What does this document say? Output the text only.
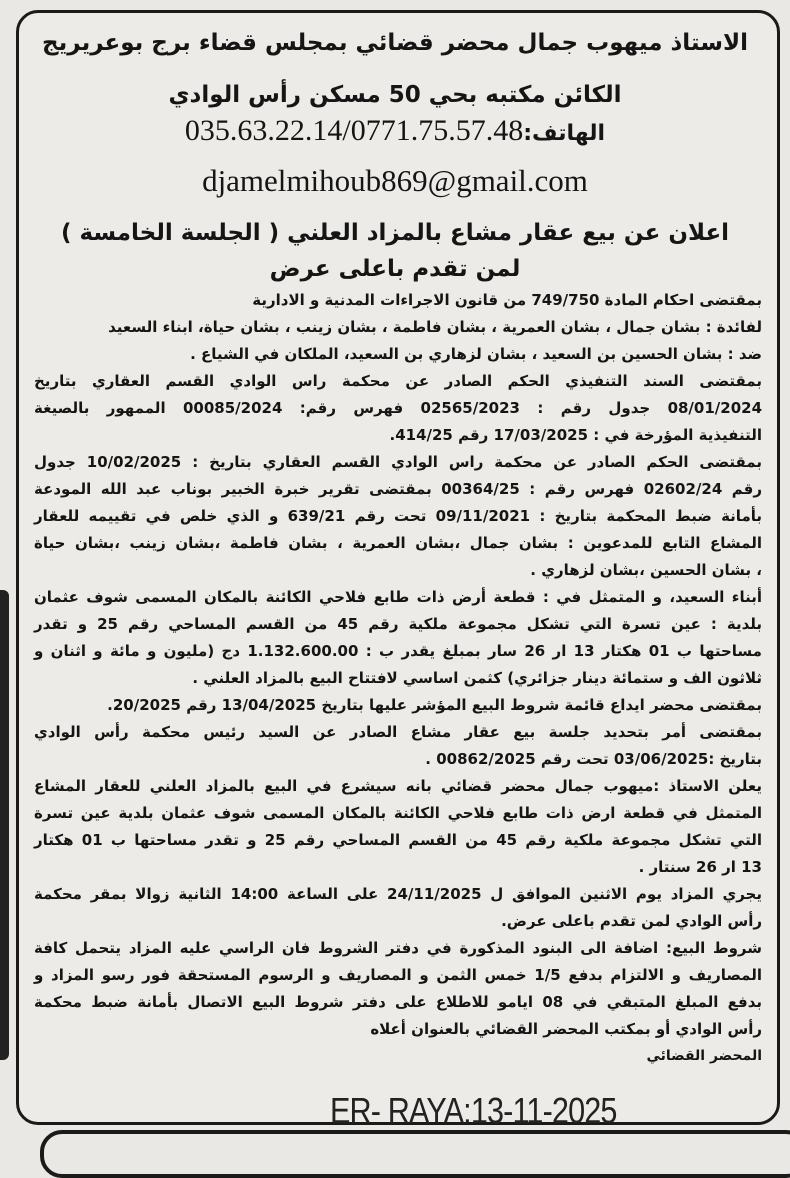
الاستاذ ميهوب جمال محضر قضائي بمجلس قضاء برج بوعريريج
الكائن مكتبه بحي 50 مسكن رأس الوادي
الهاتف:035.63.22.14/0771.75.57.48
djamelmihoub869@gmail.com
اعلان عن بيع عقار مشاع بالمزاد العلني ( الجلسة الخامسة )
لمن تقدم باعلى عرض
بمقتضى احكام المادة 749/750 من قانون الاجراءات المدنية و الادارية
لفائدة : بشان جمال ، بشان العمرية ، بشان فاطمة ، بشان زينب ، بشان حياة، ابناء السعيد
ضد : بشان الحسين بن السعيد ، بشان لزهاري بن السعيد، الملكان في الشياع .
بمقتضى السند التنفيذي الحكم الصادر عن محكمة راس الوادي القسم العقاري بتاريخ
08/01/2024 جدول رقم : 02565/2023 فهرس رقم: 00085/2024 الممهور بالصيغة
التنفيذية المؤرخة في : 17/03/2025 رقم 414/25.
بمقتضى الحكم الصادر عن محكمة راس الوادي القسم العقاري بتاريخ : 10/02/2025 جدول
رقم 02602/24 فهرس رقم : 00364/25 بمقتضى تقرير خبرة الخبير بوناب عبد الله المودعة
بأمانة ضبط المحكمة بتاريخ : 09/11/2021 تحت رقم 639/21 و الذي خلص في تقييمه للعقار
المشاع التابع للمدعوين : بشان جمال ،بشان العمرية ، بشان فاطمة ،بشان زينب ،بشان حياة
، بشان الحسين ،بشان لزهاري .
أبناء السعيد، و المتمثل في : قطعة أرض ذات طابع فلاحي الكائنة بالمكان المسمى شوف عثمان
بلدية : عين تسرة التي تشكل مجموعة ملكية رقم 45 من القسم المساحي رقم 25 و تقدر
مساحتها ب 01 هكتار 13 ار 26 سار بمبلغ يقدر ب : 1.132.600.00 دج (مليون و مائة و اثنان و
ثلاثون الف و ستمائة دينار جزائري) كثمن اساسي لافتتاح البيع بالمزاد العلني .
بمقتضى محضر ايداع قائمة شروط البيع المؤشر عليها بتاريخ 13/04/2025 رقم 20/2025.
بمقتضى أمر بتحديد جلسة بيع عقار مشاع الصادر عن السيد رئيس محكمة رأس الوادي
بتاريخ :03/06/2025 تحت رقم 00862/2025 .
يعلن الاستاذ :ميهوب جمال محضر قضائي بانه سيشرع في البيع بالمزاد العلني للعقار المشاع
المتمثل في قطعة ارض ذات طابع فلاحي الكائنة بالمكان المسمى شوف عثمان بلدية عين تسرة
التي تشكل مجموعة ملكية رقم 45 من القسم المساحي رقم 25 و تقدر مساحتها ب 01 هكتار
13 ار 26 سنتار .
يجري المزاد يوم الاثنين الموافق ل 24/11/2025 على الساعة 14:00 الثانية زوالا بمقر محكمة
رأس الوادي لمن تقدم باعلى عرض.
شروط البيع: اضافة الى البنود المذكورة في دفتر الشروط فان الراسي عليه المزاد يتحمل كافة
المصاريف و الالتزام بدفع 1/5 خمس الثمن و المصاريف و الرسوم المستحقة فور رسو المزاد و
بدفع المبلغ المتبقي في 08 ايامو للاطلاع على دفتر شروط البيع الاتصال بأمانة ضبط محكمة
رأس الوادي أو بمكتب المحضر القضائي بالعنوان أعلاه
المحضر القضائي
ER- RAYA:13-11-2025
